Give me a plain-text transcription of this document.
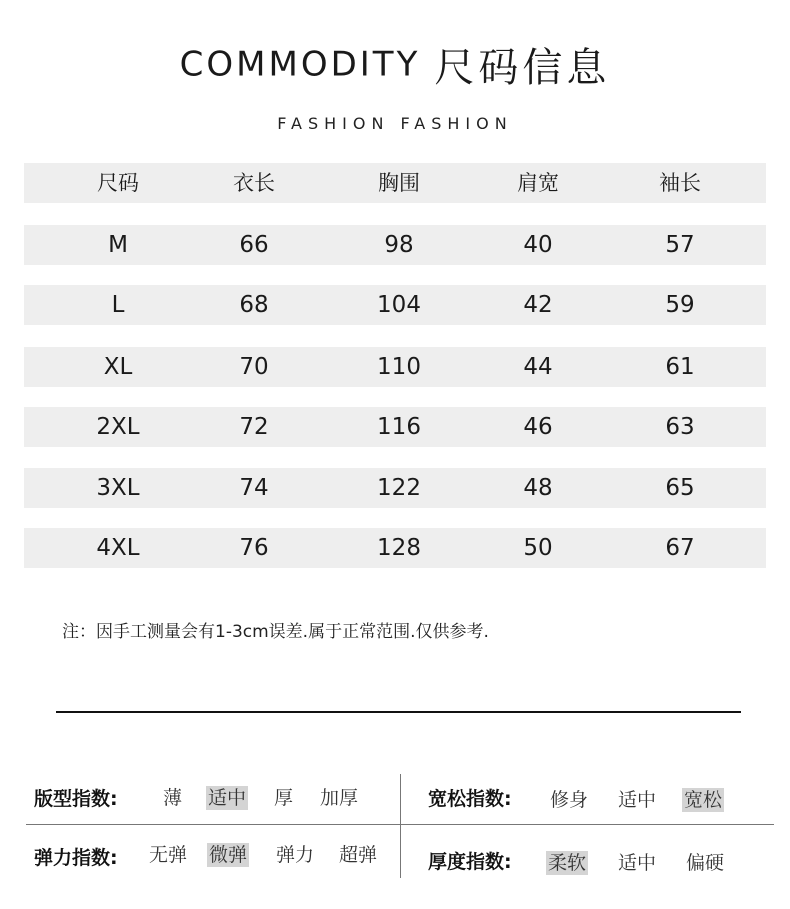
COMMODITY 尺码信息
FASHION FASHION
尺码	衣长	胸围	肩宽	袖长
M	66	98	40	57
L	68	104	42	59
XL	70	110	44	61
2XL	72	116	46	63
3XL	74	122	48	65
4XL	76	128	50	67
注：因手工测量会有1-3cm误差.属于正常范围.仅供参考.
版型指数: 薄 适中 厚 加厚	宽松指数: 修身 适中 宽松
弹力指数: 无弹 微弹 弹力 超弹	厚度指数: 柔软 适中 偏硬
